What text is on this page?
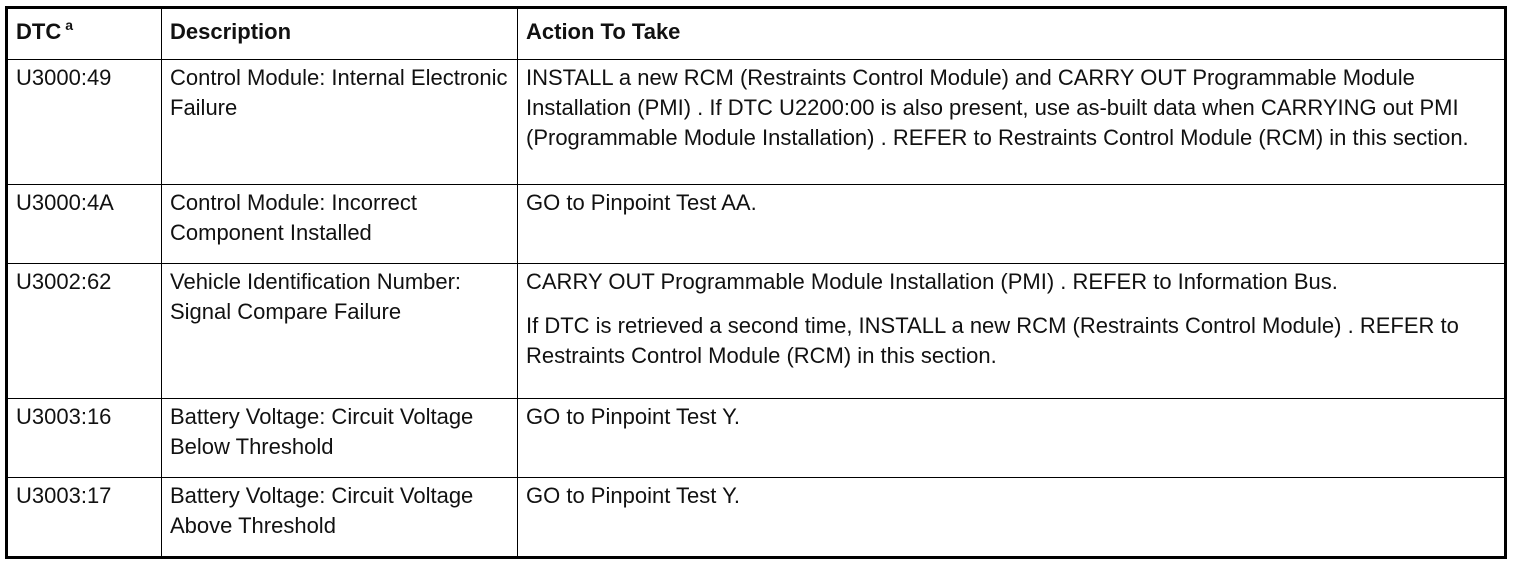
DTC $^a$	Description	Action To Take
U3000:49	Control Module: Internal Electronic Failure	INSTALL a new RCM (Restraints Control Module) and CARRY OUT Programmable Module Installation (PMI) . If DTC U2200:00 is also present, use as-built data when CARRYING out PMI (Programmable Module Installation) . REFER to Restraints Control Module (RCM) in this section.

U3000:4A	Control Module: Incorrect Component Installed	GO to Pinpoint Test AA.

U3002:62	Vehicle Identification Number: Signal Compare Failure	CARRY OUT Programmable Module Installation (PMI) . REFER to Information Bus.

If DTC is retrieved a second time, INSTALL a new RCM (Restraints Control Module) . REFER to Restraints Control Module (RCM) in this section.

U3003:16	Battery Voltage: Circuit Voltage Below Threshold	GO to Pinpoint Test Y.

U3003:17	Battery Voltage: Circuit Voltage Above Threshold	GO to Pinpoint Test Y.
